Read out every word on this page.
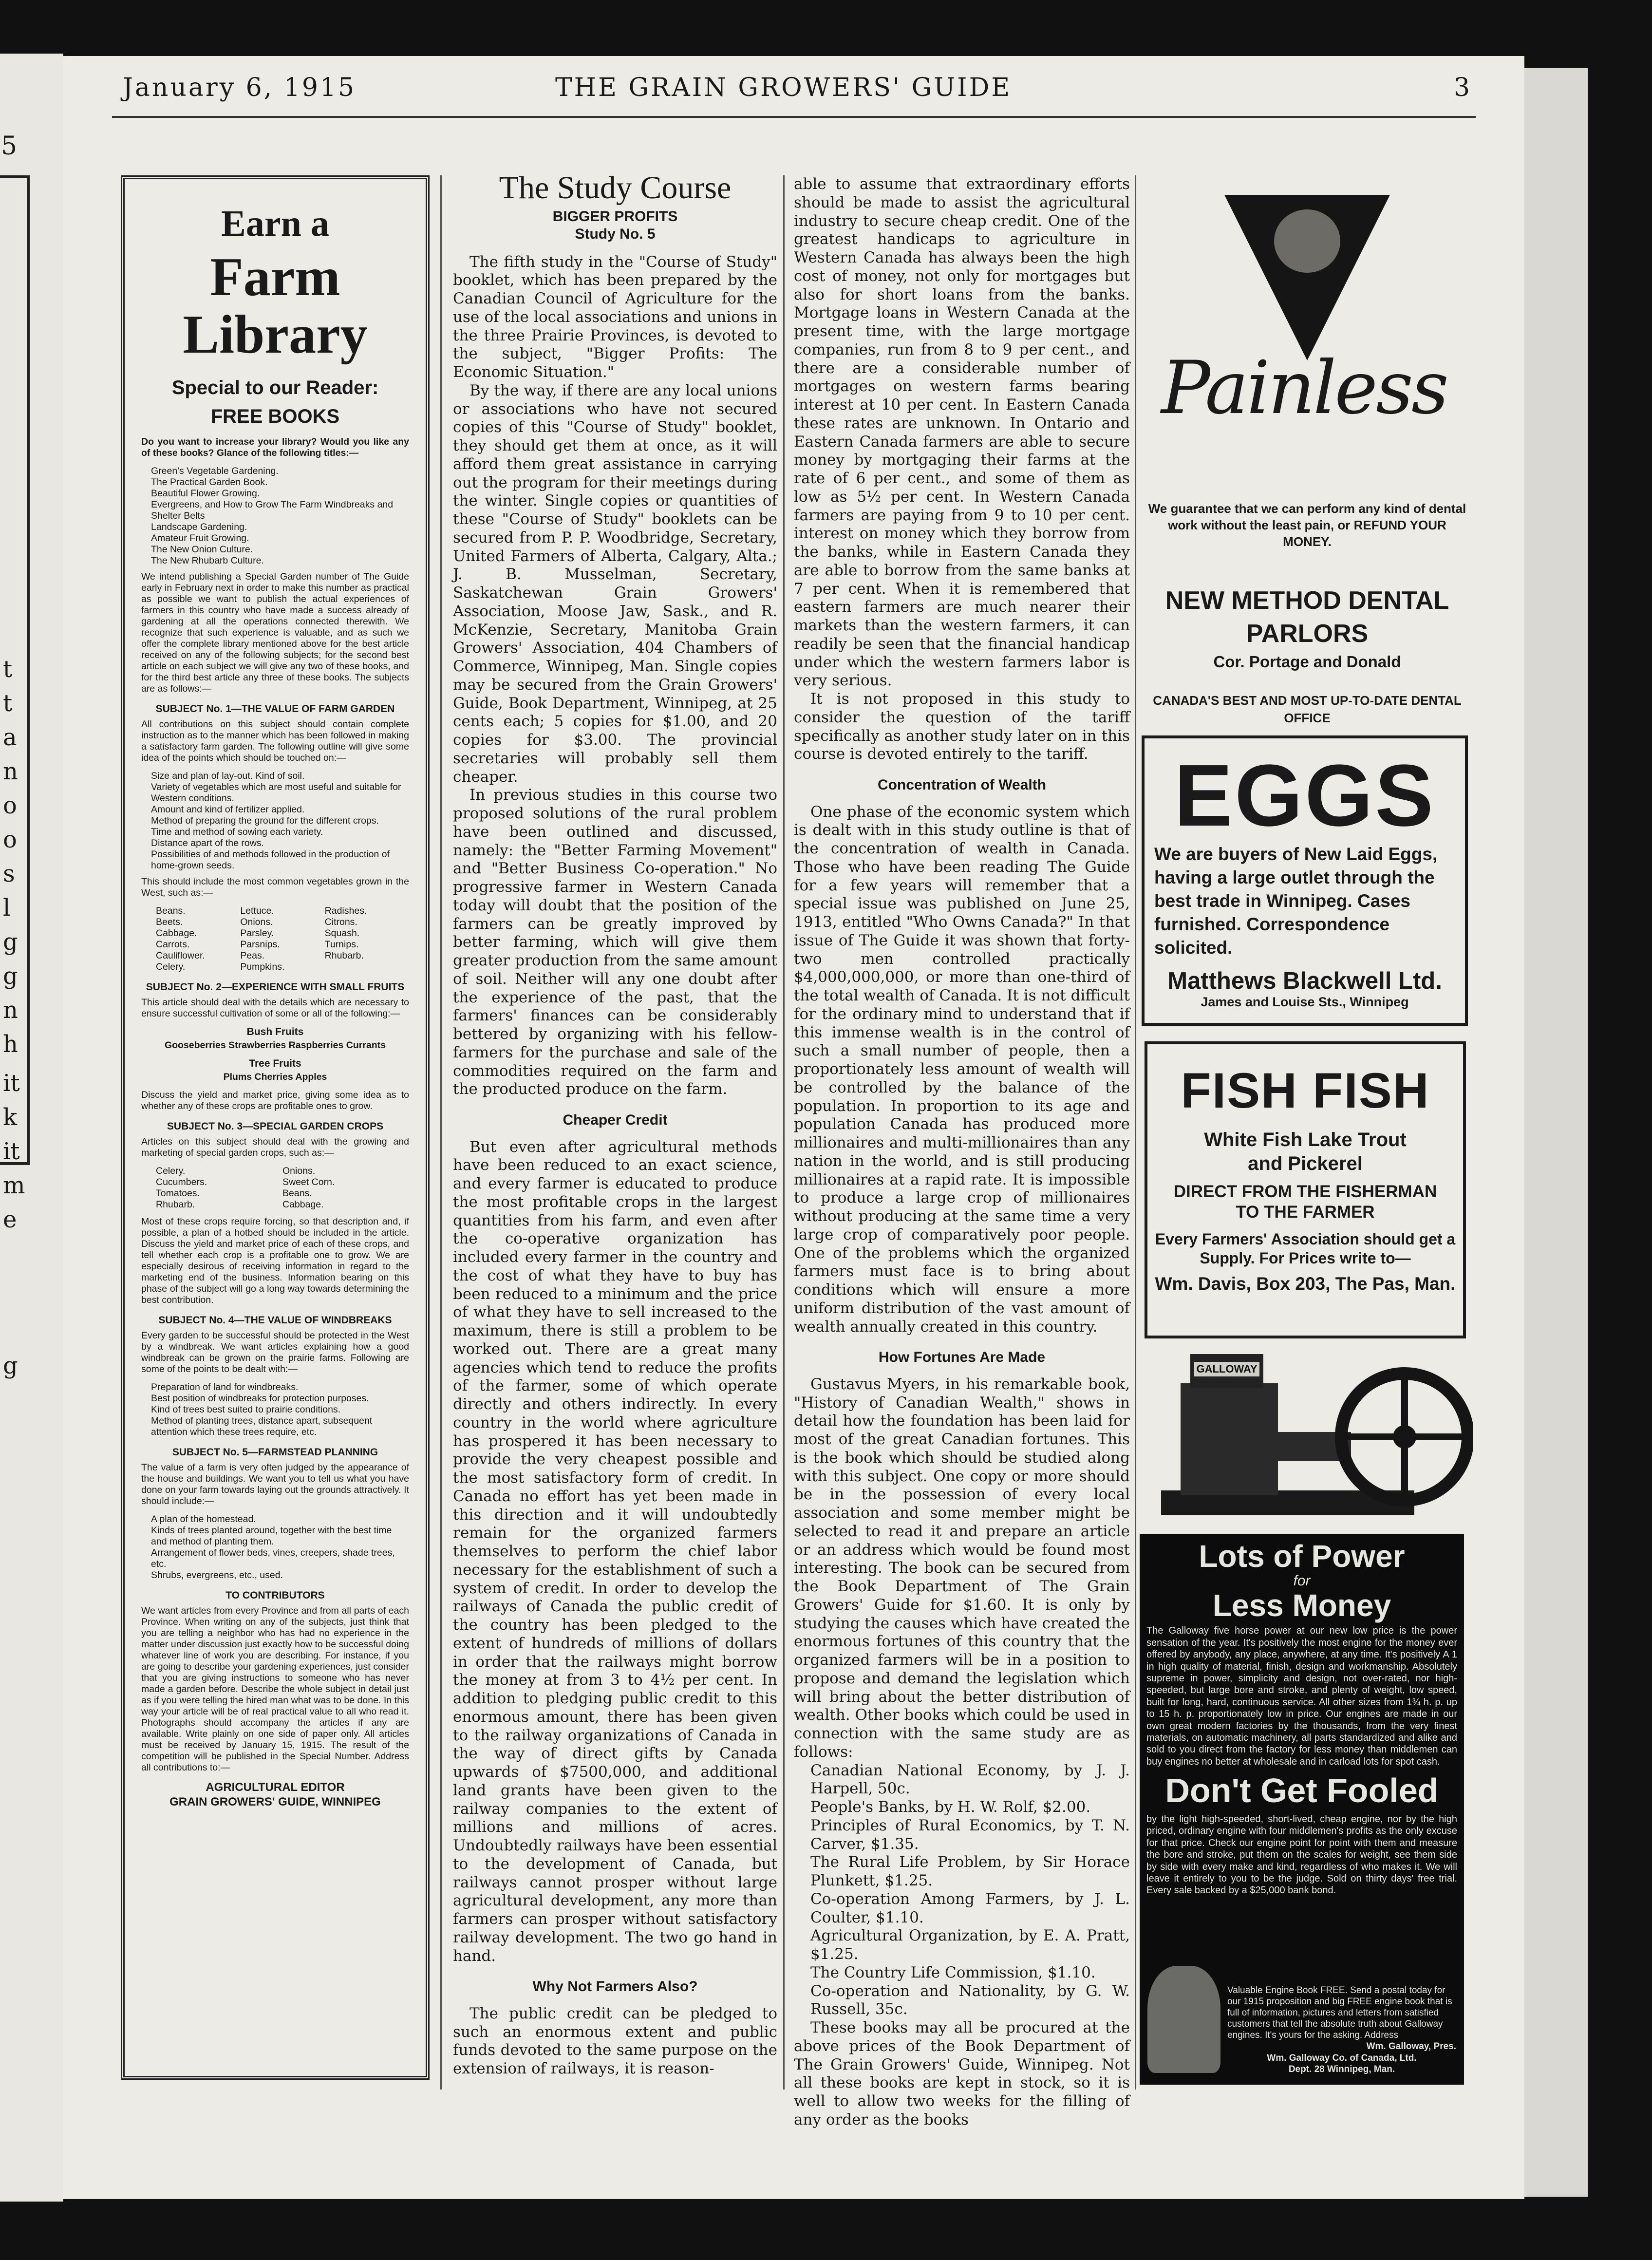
5
t
t
a
n
o
o
s
l
g
g
n
h
it
k
it
m
e
g
January 6, 1915	THE GRAIN GROWERS' GUIDE	3
Earn a
Farm Library
Special to our Reader:
FREE BOOKS

Do you want to increase your library? Would you like any of these books? Glance of the following titles:—

Green's Vegetable Gardening.
The Practical Garden Book.
Beautiful Flower Growing.
Evergreens, and How to Grow The Farm Windbreaks and Shelter Belts
Landscape Gardening.
Amateur Fruit Growing.
The New Onion Culture.
The New Rhubarb Culture.

We intend publishing a Special Garden number of The Guide early in February next in order to make this number as practical as possible we want to publish the actual experiences of farmers in this country who have made a success already of gardening at all the operations connected therewith. We recognize that such experience is valuable, and as such we offer the complete library mentioned above for the best article received on any of the following subjects; for the second best article on each subject we will give any two of these books, and for the third best article any three of these books. The subjects are as follows:—

SUBJECT No. 1—THE VALUE OF FARM GARDEN

All contributions on this subject should contain complete instruction as to the manner which has been followed in making a satisfactory farm garden. The following outline will give some idea of the points which should be touched on:—

Size and plan of lay-out. Kind of soil.
Variety of vegetables which are most useful and suitable for Western conditions.
Amount and kind of fertilizer applied.
Method of preparing the ground for the different crops.
Time and method of sowing each variety.
Distance apart of the rows.
Possibilities of and methods followed in the production of home-grown seeds.

This should include the most common vegetables grown in the West, such as:—

Beans.	Lettuce.	Radishes.
Beets.	Onions.	Citrons.
Cabbage.	Parsley.	Squash.
Carrots.	Parsnips.	Turnips.
Cauliflower.	Peas.	Rhubarb.
Celery.	Pumpkins.
SUBJECT No. 2—EXPERIENCE WITH SMALL FRUITS

This article should deal with the details which are necessary to ensure successful cultivation of some or all of the following:—

Bush Fruits
Gooseberries Strawberries Raspberries Currants
Tree Fruits
Plums Cherries Apples

Discuss the yield and market price, giving some idea as to whether any of these crops are profitable ones to grow.

SUBJECT No. 3—SPECIAL GARDEN CROPS

Articles on this subject should deal with the growing and marketing of special garden crops, such as:—

Celery.	Onions.
Cucumbers.	Sweet Corn.
Tomatoes.	Beans.
Rhubarb.	Cabbage.

Most of these crops require forcing, so that description and, if possible, a plan of a hotbed should be included in the article. Discuss the yield and market price of each of these crops, and tell whether each crop is a profitable one to grow. We are especially desirous of receiving information in regard to the marketing end of the business. Information bearing on this phase of the subject will go a long way towards determining the best contribution.

SUBJECT No. 4—THE VALUE OF WINDBREAKS

Every garden to be successful should be protected in the West by a windbreak. We want articles explaining how a good windbreak can be grown on the prairie farms. Following are some of the points to be dealt with:—

Preparation of land for windbreaks.
Best position of windbreaks for protection purposes.
Kind of trees best suited to prairie conditions.
Method of planting trees, distance apart, subsequent attention which these trees require, etc.
SUBJECT No. 5—FARMSTEAD PLANNING

The value of a farm is very often judged by the appearance of the house and buildings. We want you to tell us what you have done on your farm towards laying out the grounds attractively. It should include:—

A plan of the homestead.
Kinds of trees planted around, together with the best time and method of planting them.
Arrangement of flower beds, vines, creepers, shade trees, etc.
Shrubs, evergreens, etc., used.
TO CONTRIBUTORS

We want articles from every Province and from all parts of each Province. When writing on any of the subjects, just think that you are telling a neighbor who has had no experience in the matter under discussion just exactly how to be successful doing whatever line of work you are describing. For instance, if you are going to describe your gardening experiences, just consider that you are giving instructions to someone who has never made a garden before. Describe the whole subject in detail just as if you were telling the hired man what was to be done. In this way your article will be of real practical value to all who read it. Photographs should accompany the articles if any are available. Write plainly on one side of paper only. All articles must be received by January 15, 1915. The result of the competition will be published in the Special Number. Address all contributions to:—

AGRICULTURAL EDITOR
GRAIN GROWERS' GUIDE, WINNIPEG
The Study Course
BIGGER PROFITS
Study No. 5

The fifth study in the "Course of Study" booklet, which has been prepared by the Canadian Council of Agriculture for the use of the local associations and unions in the three Prairie Provinces, is devoted to the subject, "Bigger Profits: The Economic Situation."

By the way, if there are any local unions or associations who have not secured copies of this "Course of Study" booklet, they should get them at once, as it will afford them great assistance in carrying out the program for their meetings during the winter. Single copies or quantities of these "Course of Study" booklets can be secured from P. P. Woodbridge, Secretary, United Farmers of Alberta, Calgary, Alta.; J. B. Musselman, Secretary, Saskatchewan Grain Growers' Association, Moose Jaw, Sask., and R. McKenzie, Secretary, Manitoba Grain Growers' Association, 404 Chambers of Commerce, Winnipeg, Man. Single copies may be secured from the Grain Growers' Guide, Book Department, Winnipeg, at 25 cents each; 5 copies for $1.00, and 20 copies for $3.00. The provincial secretaries will probably sell them cheaper.

In previous studies in this course two proposed solutions of the rural problem have been outlined and discussed, namely: the "Better Farming Movement" and "Better Business Co-operation." No progressive farmer in Western Canada today will doubt that the position of the farmers can be greatly improved by better farming, which will give them greater production from the same amount of soil. Neither will any one doubt after the experience of the past, that the farmers' finances can be considerably bettered by organizing with his fellow-farmers for the purchase and sale of the commodities required on the farm and the producted produce on the farm.

Cheaper Credit

But even after agricultural methods have been reduced to an exact science, and every farmer is educated to produce the most profitable crops in the largest quantities from his farm, and even after the co-operative organization has included every farmer in the country and the cost of what they have to buy has been reduced to a minimum and the price of what they have to sell increased to the maximum, there is still a problem to be worked out. There are a great many agencies which tend to reduce the profits of the farmer, some of which operate directly and others indirectly. In every country in the world where agriculture has prospered it has been necessary to provide the very cheapest possible and the most satisfactory form of credit. In Canada no effort has yet been made in this direction and it will undoubtedly remain for the organized farmers themselves to perform the chief labor necessary for the establishment of such a system of credit. In order to develop the railways of Canada the public credit of the country has been pledged to the extent of hundreds of millions of dollars in order that the railways might borrow the money at from 3 to 4½ per cent. In addition to pledging public credit to this enormous amount, there has been given to the railway organizations of Canada in the way of direct gifts by Canada upwards of $7500,000, and additional land grants have been given to the railway companies to the extent of millions and millions of acres. Undoubtedly railways have been essential to the development of Canada, but railways cannot prosper without large agricultural development, any more than farmers can prosper without satisfactory railway development. The two go hand in hand.

Why Not Farmers Also?

The public credit can be pledged to such an enormous extent and public funds devoted to the same purpose on the extension of railways, it is reason-

able to assume that extraordinary efforts should be made to assist the agricultural industry to secure cheap credit. One of the greatest handicaps to agriculture in Western Canada has always been the high cost of money, not only for mortgages but also for short loans from the banks. Mortgage loans in Western Canada at the present time, with the large mortgage companies, run from 8 to 9 per cent., and there are a considerable number of mortgages on western farms bearing interest at 10 per cent. In Eastern Canada these rates are unknown. In Ontario and Eastern Canada farmers are able to secure money by mortgaging their farms at the rate of 6 per cent., and some of them as low as 5½ per cent. In Western Canada farmers are paying from 9 to 10 per cent. interest on money which they borrow from the banks, while in Eastern Canada they are able to borrow from the same banks at 7 per cent. When it is remembered that eastern farmers are much nearer their markets than the western farmers, it can readily be seen that the financial handicap under which the western farmers labor is very serious.

It is not proposed in this study to consider the question of the tariff specifically as another study later on in this course is devoted entirely to the tariff.

Concentration of Wealth

One phase of the economic system which is dealt with in this study outline is that of the concentration of wealth in Canada. Those who have been reading The Guide for a few years will remember that a special issue was published on June 25, 1913, entitled "Who Owns Canada?" In that issue of The Guide it was shown that forty-two men controlled practically $4,000,000,000, or more than one-third of the total wealth of Canada. It is not difficult for the ordinary mind to understand that if this immense wealth is in the control of such a small number of people, then a proportionately less amount of wealth will be controlled by the balance of the population. In proportion to its age and population Canada has produced more millionaires and multi-millionaires than any nation in the world, and is still producing millionaires at a rapid rate. It is impossible to produce a large crop of millionaires without producing at the same time a very large crop of comparatively poor people. One of the problems which the organized farmers must face is to bring about conditions which will ensure a more uniform distribution of the vast amount of wealth annually created in this country.

How Fortunes Are Made

Gustavus Myers, in his remarkable book, "History of Canadian Wealth," shows in detail how the foundation has been laid for most of the great Canadian fortunes. This is the book which should be studied along with this subject. One copy or more should be in the possession of every local association and some member might be selected to read it and prepare an article or an address which would be found most interesting. The book can be secured from the Book Department of The Grain Growers' Guide for $1.60. It is only by studying the causes which have created the enormous fortunes of this country that the organized farmers will be in a position to propose and demand the legislation which will bring about the better distribution of wealth. Other books which could be used in connection with the same study are as follows:

Canadian National Economy, by J. J. Harpell, 50c.

People's Banks, by H. W. Rolf, $2.00.

Principles of Rural Economics, by T. N. Carver, $1.35.

The Rural Life Problem, by Sir Horace Plunkett, $1.25.

Co-operation Among Farmers, by J. L. Coulter, $1.10.

Agricultural Organization, by E. A. Pratt, $1.25.

The Country Life Commission, $1.10.

Co-operation and Nationality, by G. W. Russell, 35c.

These books may all be procured at the above prices of the Book Department of The Grain Growers' Guide, Winnipeg. Not all these books are kept in stock, so it is well to allow two weeks for the filling of any order as the books

Painless
We guarantee that we can perform any kind of dental work without the least pain, or REFUND YOUR MONEY.
NEW METHOD DENTAL PARLORS
Cor. Portage and Donald
CANADA'S BEST AND MOST UP-TO-DATE DENTAL OFFICE
EGGS
We are buyers of New Laid Eggs, having a large outlet through the best trade in Winnipeg. Cases furnished. Correspondence solicited.
Matthews Blackwell Ltd.
James and Louise Sts., Winnipeg
FISH FISH
White Fish Lake Trout
and Pickerel
DIRECT FROM THE FISHERMAN
TO THE FARMER
Every Farmers' Association should get a Supply. For Prices write to—
Wm. Davis, Box 203, The Pas, Man.
GALLOWAY
Lots of Power
for
Less Money
The Galloway five horse power at our new low price is the power sensation of the year. It's positively the most engine for the money ever offered by anybody, any place, anywhere, at any time. It's positively A 1 in high quality of material, finish, design and workmanship. Absolutely supreme in power, simplicity and design, not over-rated, nor high-speeded, but large bore and stroke, and plenty of weight, low speed, built for long, hard, continuous service. All other sizes from 1¾ h. p. up to 15 h. p. proportionately low in price. Our engines are made in our own great modern factories by the thousands, from the very finest materials, on automatic machinery, all parts standardized and alike and sold to you direct from the factory for less money than middlemen can buy engines no better at wholesale and in carload lots for spot cash.
Don't Get Fooled
by the light high-speeded, short-lived, cheap engine, nor by the high priced, ordinary engine with four middlemen's profits as the only excuse for that price. Check our engine point for point with them and measure the bore and stroke, put them on the scales for weight, see them side by side with every make and kind, regardless of who makes it. We will leave it entirely to you to be the judge. Sold on thirty days' free trial. Every sale backed by a $25,000 bank bond.
Valuable Engine Book FREE. Send a postal today for our 1915 proposition and big FREE engine book that is full of information, pictures and letters from satisfied customers that tell the absolute truth about Galloway engines. It's yours for the asking. Address
Wm. Galloway, Pres.
Wm. Galloway Co. of Canada, Ltd.
Dept. 28 Winnipeg, Man.
